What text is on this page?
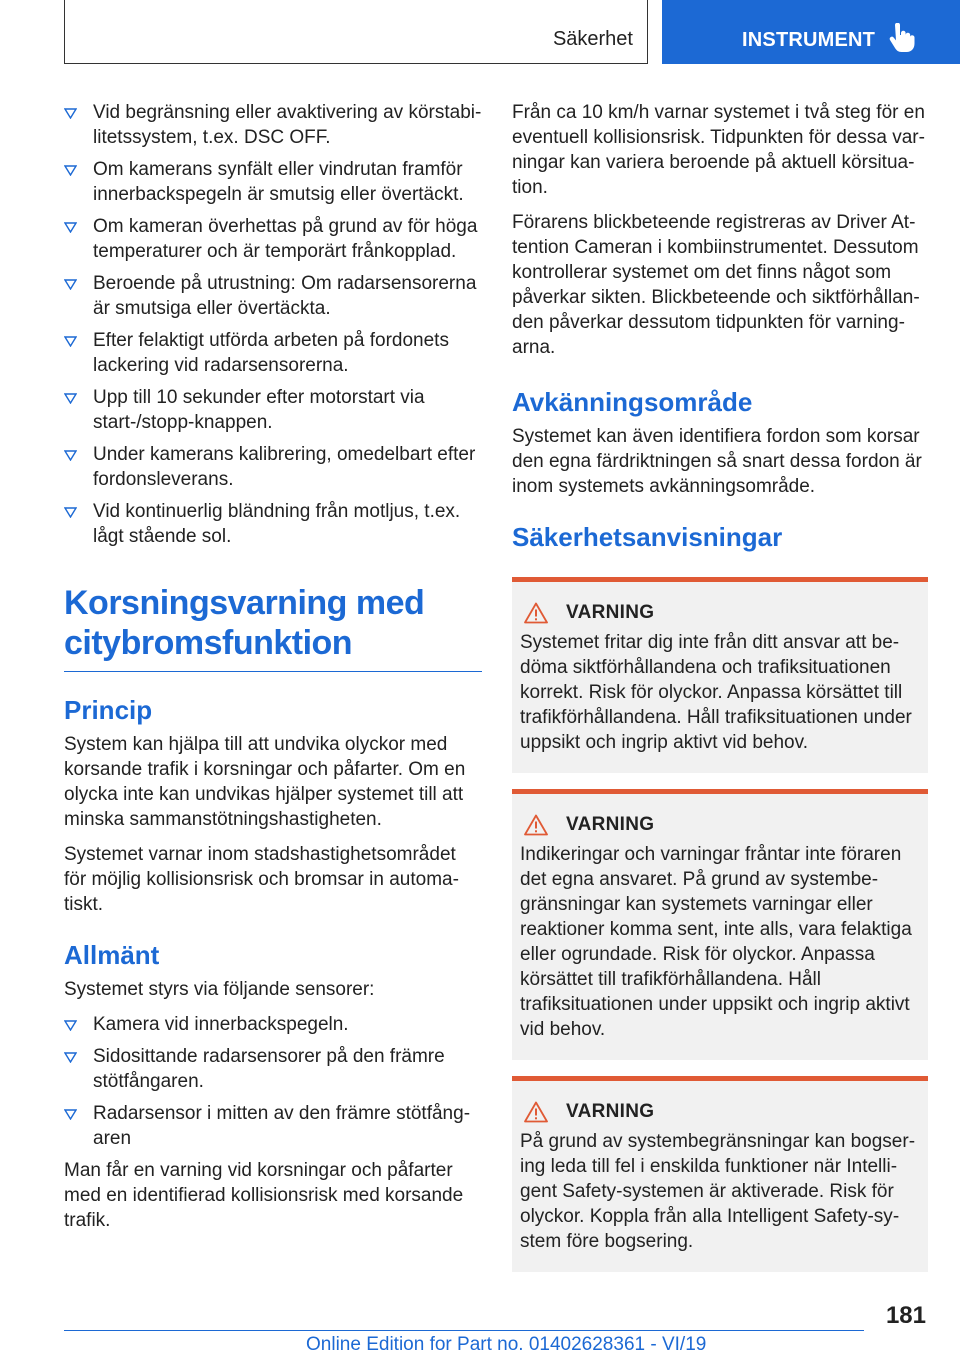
Säkerhet	INSTRUMENT
Vid begränsning eller avaktivering av körstabilitetssystem, t.ex. DSC OFF.
Om kamerans synfält eller vindrutan framför innerbackspegeln är smutsig eller övertäckt.
Om kameran överhettas på grund av för höga temperaturer och är temporärt frånkopplad.
Beroende på utrustning: Om radarsensorerna är smutsiga eller övertäckta.
Efter felaktigt utförda arbeten på fordonets lackering vid radarsensorerna.
Upp till 10 sekunder efter motorstart via start-/stopp-knappen.
Under kamerans kalibrering, omedelbart efter fordonsleverans.
Vid kontinuerlig bländning från motljus, t.ex. lågt stående sol.
Korsningsvarning med citybromsfunktion
Princip

System kan hjälpa till att undvika olyckor med korsande trafik i korsningar och påfarter. Om en olycka inte kan undvikas hjälper systemet till att minska sammanstötningshastigheten.

Systemet varnar inom stadshastighetsområdet för möjlig kollisionsrisk och bromsar in automatiskt.

Allmänt

Systemet styrs via följande sensorer:

Kamera vid innerbackspegeln.
Sidosittande radarsensorer på den främre stötfångaren.
Radarsensor i mitten av den främre stötfångaren

Man får en varning vid korsningar och påfarter med en identifierad kollisionsrisk med korsande trafik.

Från ca 10 km/h varnar systemet i två steg för en eventuell kollisionsrisk. Tidpunkten för dessa varningar kan variera beroende på aktuell körsituation.

Förarens blickbeteende registreras av Driver Attention Cameran i kombiinstrumentet. Dessutom kontrollerar systemet om det finns något som påverkar sikten. Blickbeteende och siktförhållanden påverkar dessutom tidpunkten för varningarna.

Avkänningsområde

Systemet kan även identifiera fordon som korsar den egna färdriktningen så snart dessa fordon är inom systemets avkänningsområde.

Säkerhetsanvisningar
VARNING

Systemet fritar dig inte från ditt ansvar att bedöma siktförhållandena och trafiksituationen korrekt. Risk för olyckor. Anpassa körsättet till trafikförhållandena. Håll trafiksituationen under uppsikt och ingrip aktivt vid behov.

VARNING

Indikeringar och varningar fråntar inte föraren det egna ansvaret. På grund av systembegränsningar kan systemets varningar eller reaktioner komma sent, inte alls, vara felaktiga eller ogrundade. Risk för olyckor. Anpassa körsättet till trafikförhållandena. Håll trafiksituationen under uppsikt och ingrip aktivt vid behov.

VARNING

På grund av systembegränsningar kan bogsering leda till fel i enskilda funktioner när Intelligent Safety-systemen är aktiverade. Risk för olyckor. Koppla från alla Intelligent Safety-system före bogsering.

181
Online Edition for Part no. 01402628361 - VI/19
